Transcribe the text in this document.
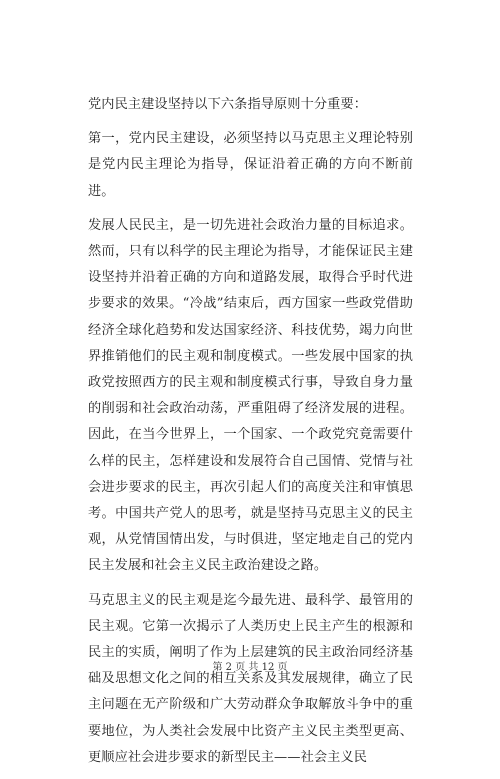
党内民主建设坚持以下六条指导原则十分重要：

第一，党内民主建设，必须坚持以马克思主义理论特别是党内民主理论为指导，保证沿着正确的方向不断前进。

发展人民民主，是一切先进社会政治力量的目标追求。然而，只有以科学的民主理论为指导，才能保证民主建设坚持并沿着正确的方向和道路发展，取得合乎时代进步要求的效果。“冷战”结束后，西方国家一些政党借助经济全球化趋势和发达国家经济、科技优势，竭力向世界推销他们的民主观和制度模式。一些发展中国家的执政党按照西方的民主观和制度模式行事，导致自身力量的削弱和社会政治动荡，严重阻碍了经济发展的进程。因此，在当今世界上，一个国家、一个政党究竟需要什么样的民主，怎样建设和发展符合自己国情、党情与社会进步要求的民主，再次引起人们的高度关注和审慎思考。中国共产党人的思考，就是坚持马克思主义的民主观，从党情国情出发，与时俱进，坚定地走自己的党内民主发展和社会主义民主政治建设之路。

马克思主义的民主观是迄今最先进、最科学、最管用的民主观。它第一次揭示了人类历史上民主产生的根源和民主的实质，阐明了作为上层建筑的民主政治同经济基础及思想文化之间的相互关系及其发展规律，确立了民主问题在无产阶级和广大劳动群众争取解放斗争中的重要地位，为人类社会发展中比资产主义民主类型更高、更顺应社会进步要求的新型民主——社会主义民

第 2 页 共 12 页
